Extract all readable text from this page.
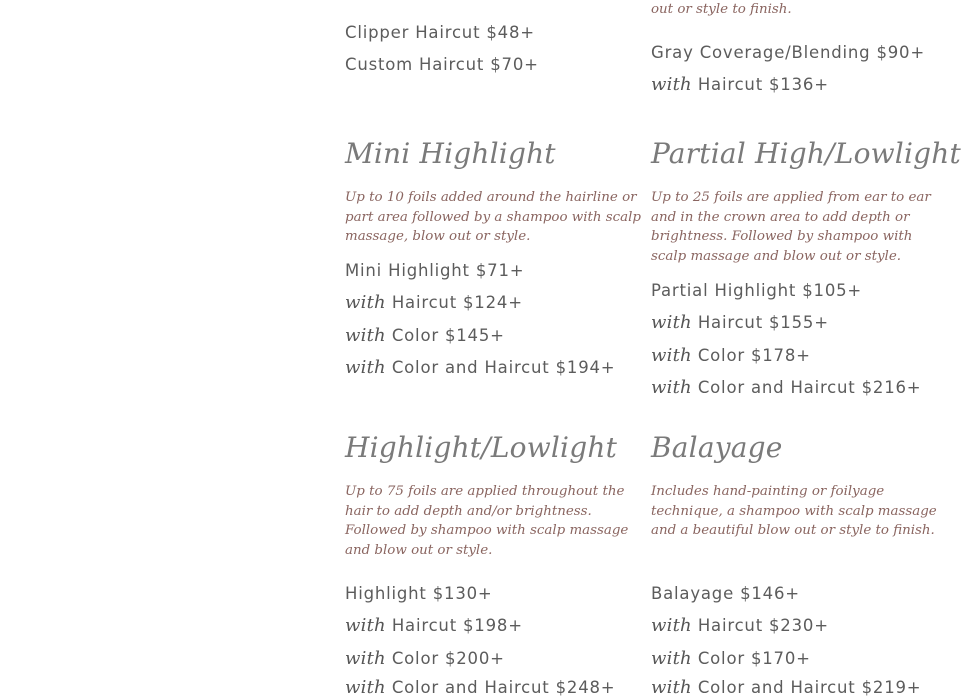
Clipper Haircut $48+
Custom Haircut $70+
Mini Highlight
Up to 10 foils added around the hairline or part area followed by a shampoo with scalp massage, blow out or style.
Mini Highlight $71+
with Haircut $124+
with Color $145+
with Color and Haircut $194+
Highlight/Lowlight
Up to 75 foils are applied throughout the hair to add depth and/or brightness. Followed by shampoo with scalp massage and blow out or style.
Highlight $130+
with Haircut $198+
with Color $200+
with Color and Haircut $248+
out or style to finish.
Gray Coverage/Blending $90+
with Haircut $136+
Partial High/Lowlight
Up to 25 foils are applied from ear to ear and in the crown area to add depth or brightness. Followed by shampoo with scalp massage and blow out or style.
Partial Highlight $105+
with Haircut $155+
with Color $178+
with Color and Haircut $216+
Balayage
Includes hand-painting or foilyage technique, a shampoo with scalp massage and a beautiful blow out or style to finish.
Balayage $146+
with Haircut $230+
with Color $170+
with Color and Haircut $219+
